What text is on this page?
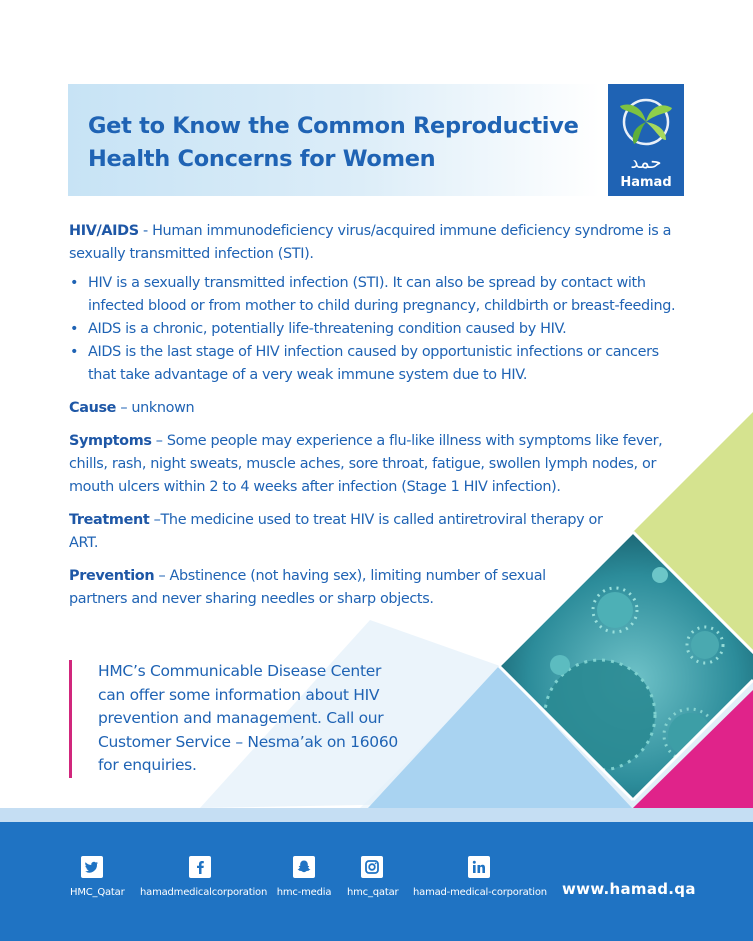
Get to Know the Common Reproductive
Health Concerns for Women	حمد
Hamad

HIV/AIDS - Human immunodeficiency virus/acquired immune deficiency syndrome is a sexually transmitted infection (STI).

• HIV is a sexually transmitted infection (STI). It can also be spread by contact with infected blood or from mother to child during pregnancy, childbirth or breast-feeding.
• AIDS is a chronic, potentially life-threatening condition caused by HIV.
• AIDS is the last stage of HIV infection caused by opportunistic infections or cancers that take advantage of a very weak immune system due to HIV.

Cause – unknown

Symptoms – Some people may experience a flu-like illness with symptoms like fever, chills, rash, night sweats, muscle aches, sore throat, fatigue, swollen lymph nodes, or mouth ulcers within 2 to 4 weeks after infection (Stage 1 HIV infection).

Treatment –The medicine used to treat HIV is called antiretroviral therapy or ART.

Prevention – Abstinence (not having sex), limiting number of sexual partners and never sharing needles or sharp objects.

HMC’s Communicable Disease Center can offer some information about HIV prevention and management. Call our Customer Service – Nesma’ak on 16060 for enquiries.
HMC_Qatar hamadmedicalcorporation hmc-media hmc_qatar hamad-medical-corporation www.hamad.qa
